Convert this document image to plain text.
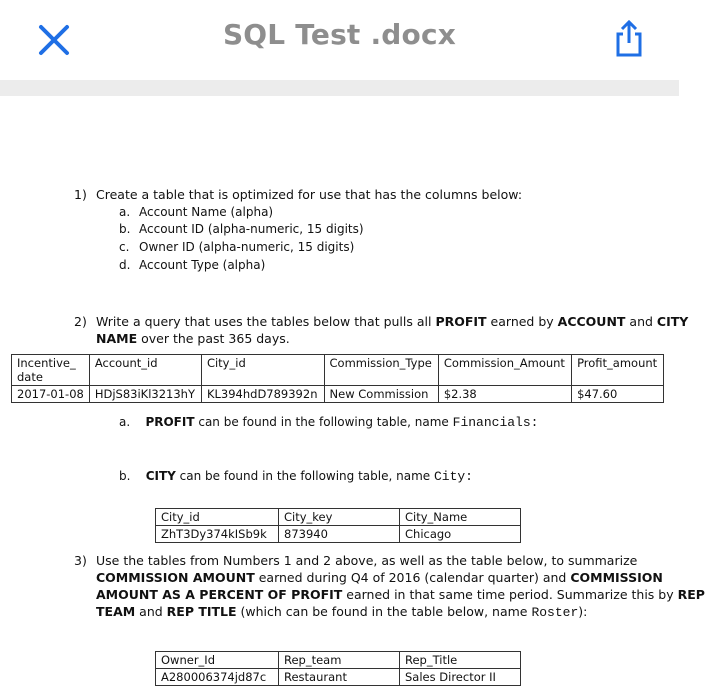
SQL Test .docx
1) Create a table that is optimized for use that has the columns below:
a. Account Name (alpha)
b. Account ID (alpha-numeric, 15 digits)
c. Owner ID (alpha-numeric, 15 digits)
d. Account Type (alpha)
2) Write a query that uses the tables below that pulls all PROFIT earned by ACCOUNT and CITY
NAME over the past 365 days.
Incentive_
date	Account_id	City_id	Commission_Type	Commission_Amount	Profit_amount
2017-01-08	HDjS83iKl3213hY	KL394hdD789392n	New Commission	$2.38	$47.60
a. PROFIT can be found in the following table, name Financials:
b. CITY can be found in the following table, name City:
City_id	City_key	City_Name
ZhT3Dy374kISb9k	873940	Chicago
3) Use the tables from Numbers 1 and 2 above, as well as the table below, to summarize
COMMISSION AMOUNT earned during Q4 of 2016 (calendar quarter) and COMMISSION
AMOUNT AS A PERCENT OF PROFIT earned in that same time period. Summarize this by REP
TEAM and REP TITLE (which can be found in the table below, name Roster):
Owner_Id	Rep_team	Rep_Title
A280006374jd87c	Restaurant	Sales Director II
